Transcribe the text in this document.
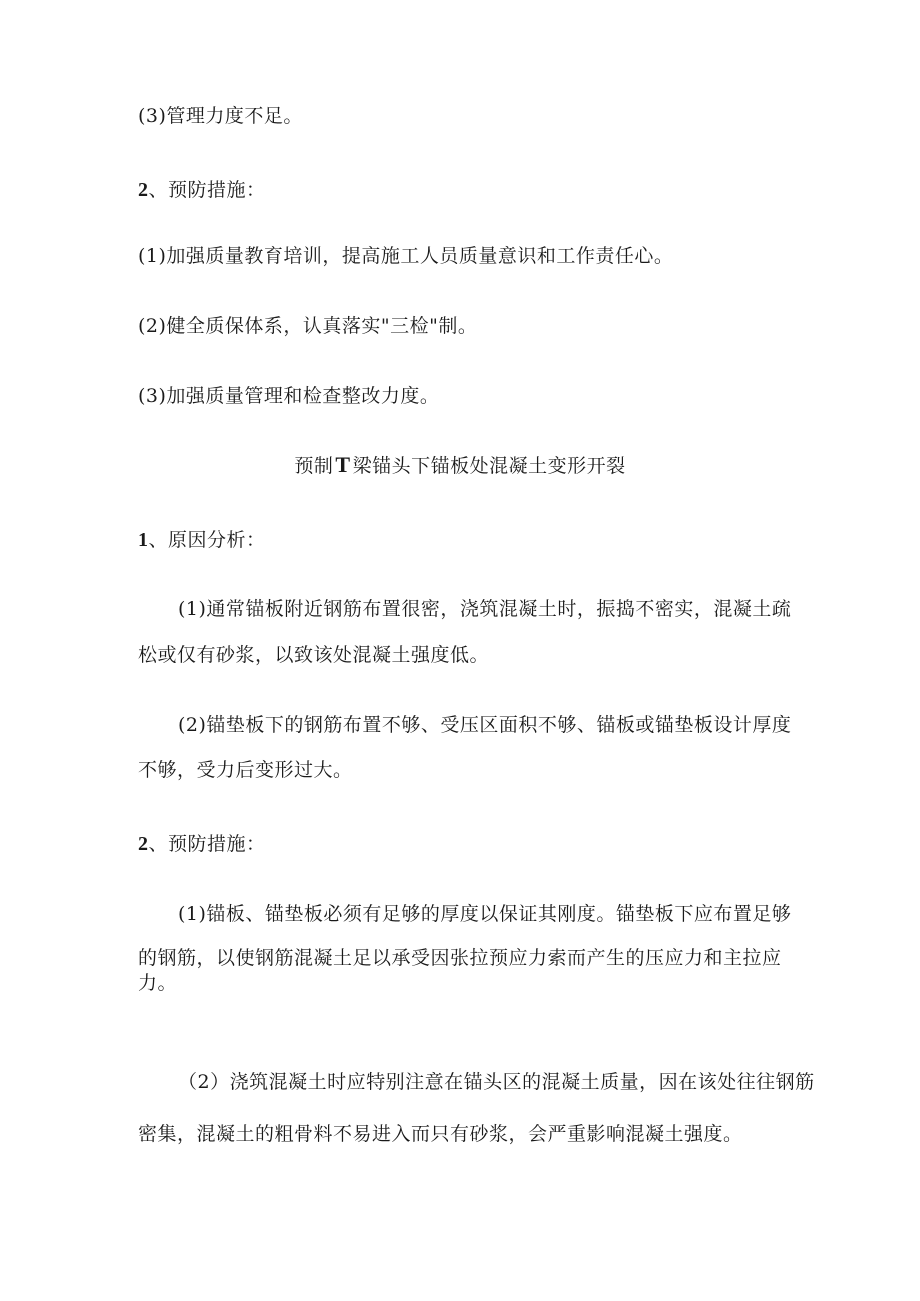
(3)管理力度不足。
2、预防措施：
(1)加强质量教育培训，提高施工人员质量意识和工作责任心。
(2)健全质保体系，认真落实"三检"制。
(3)加强质量管理和检查整改力度。
预制T 梁锚头下锚板处混凝土变形开裂
1、原因分析：
(1)通常锚板附近钢筋布置很密，浇筑混凝土时，振捣不密实，混凝土疏
松或仅有砂浆，以致该处混凝土强度低。
(2)锚垫板下的钢筋布置不够、受压区面积不够、锚板或锚垫板设计厚度
不够，受力后变形过大。
2、预防措施：
(1)锚板、锚垫板必须有足够的厚度以保证其刚度。锚垫板下应布置足够
的钢筋，以使钢筋混凝土足以承受因张拉预应力索而产生的压应力和主拉应
力。
（2）浇筑混凝土时应特别注意在锚头区的混凝土质量，因在该处往往钢筋
密集，混凝土的粗骨料不易进入而只有砂浆，会严重影响混凝土强度。
